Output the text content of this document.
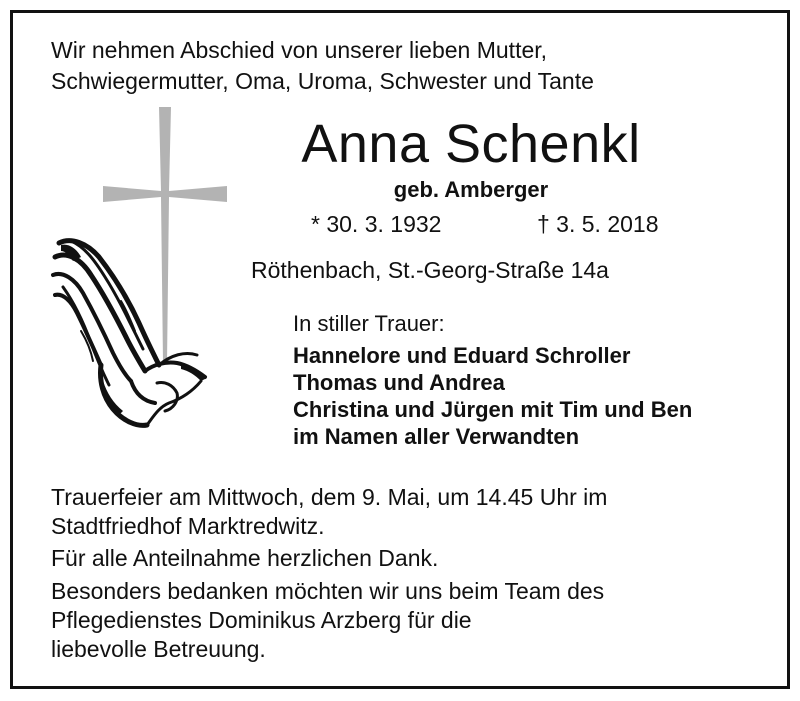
Wir nehmen Abschied von unserer lieben Mutter,
Schwiegermutter, Oma, Uroma, Schwester und Tante

Anna Schenkl

geb. Amberger
* 30. 3. 1932	† 3. 5. 2018
Röthenbach, St.-Georg-Straße 14a
In stiller Trauer:
Hannelore und Eduard Schroller
Thomas und Andrea
Christina und Jürgen mit Tim und Ben
im Namen aller Verwandten
Trauerfeier am Mittwoch, dem 9. Mai, um 14.45 Uhr im
Stadtfriedhof Marktredwitz.
Für alle Anteilnahme herzlichen Dank.
Besonders bedanken möchten wir uns beim Team des
Pflegedienstes Dominikus Arzberg für die
liebevolle Betreuung.
